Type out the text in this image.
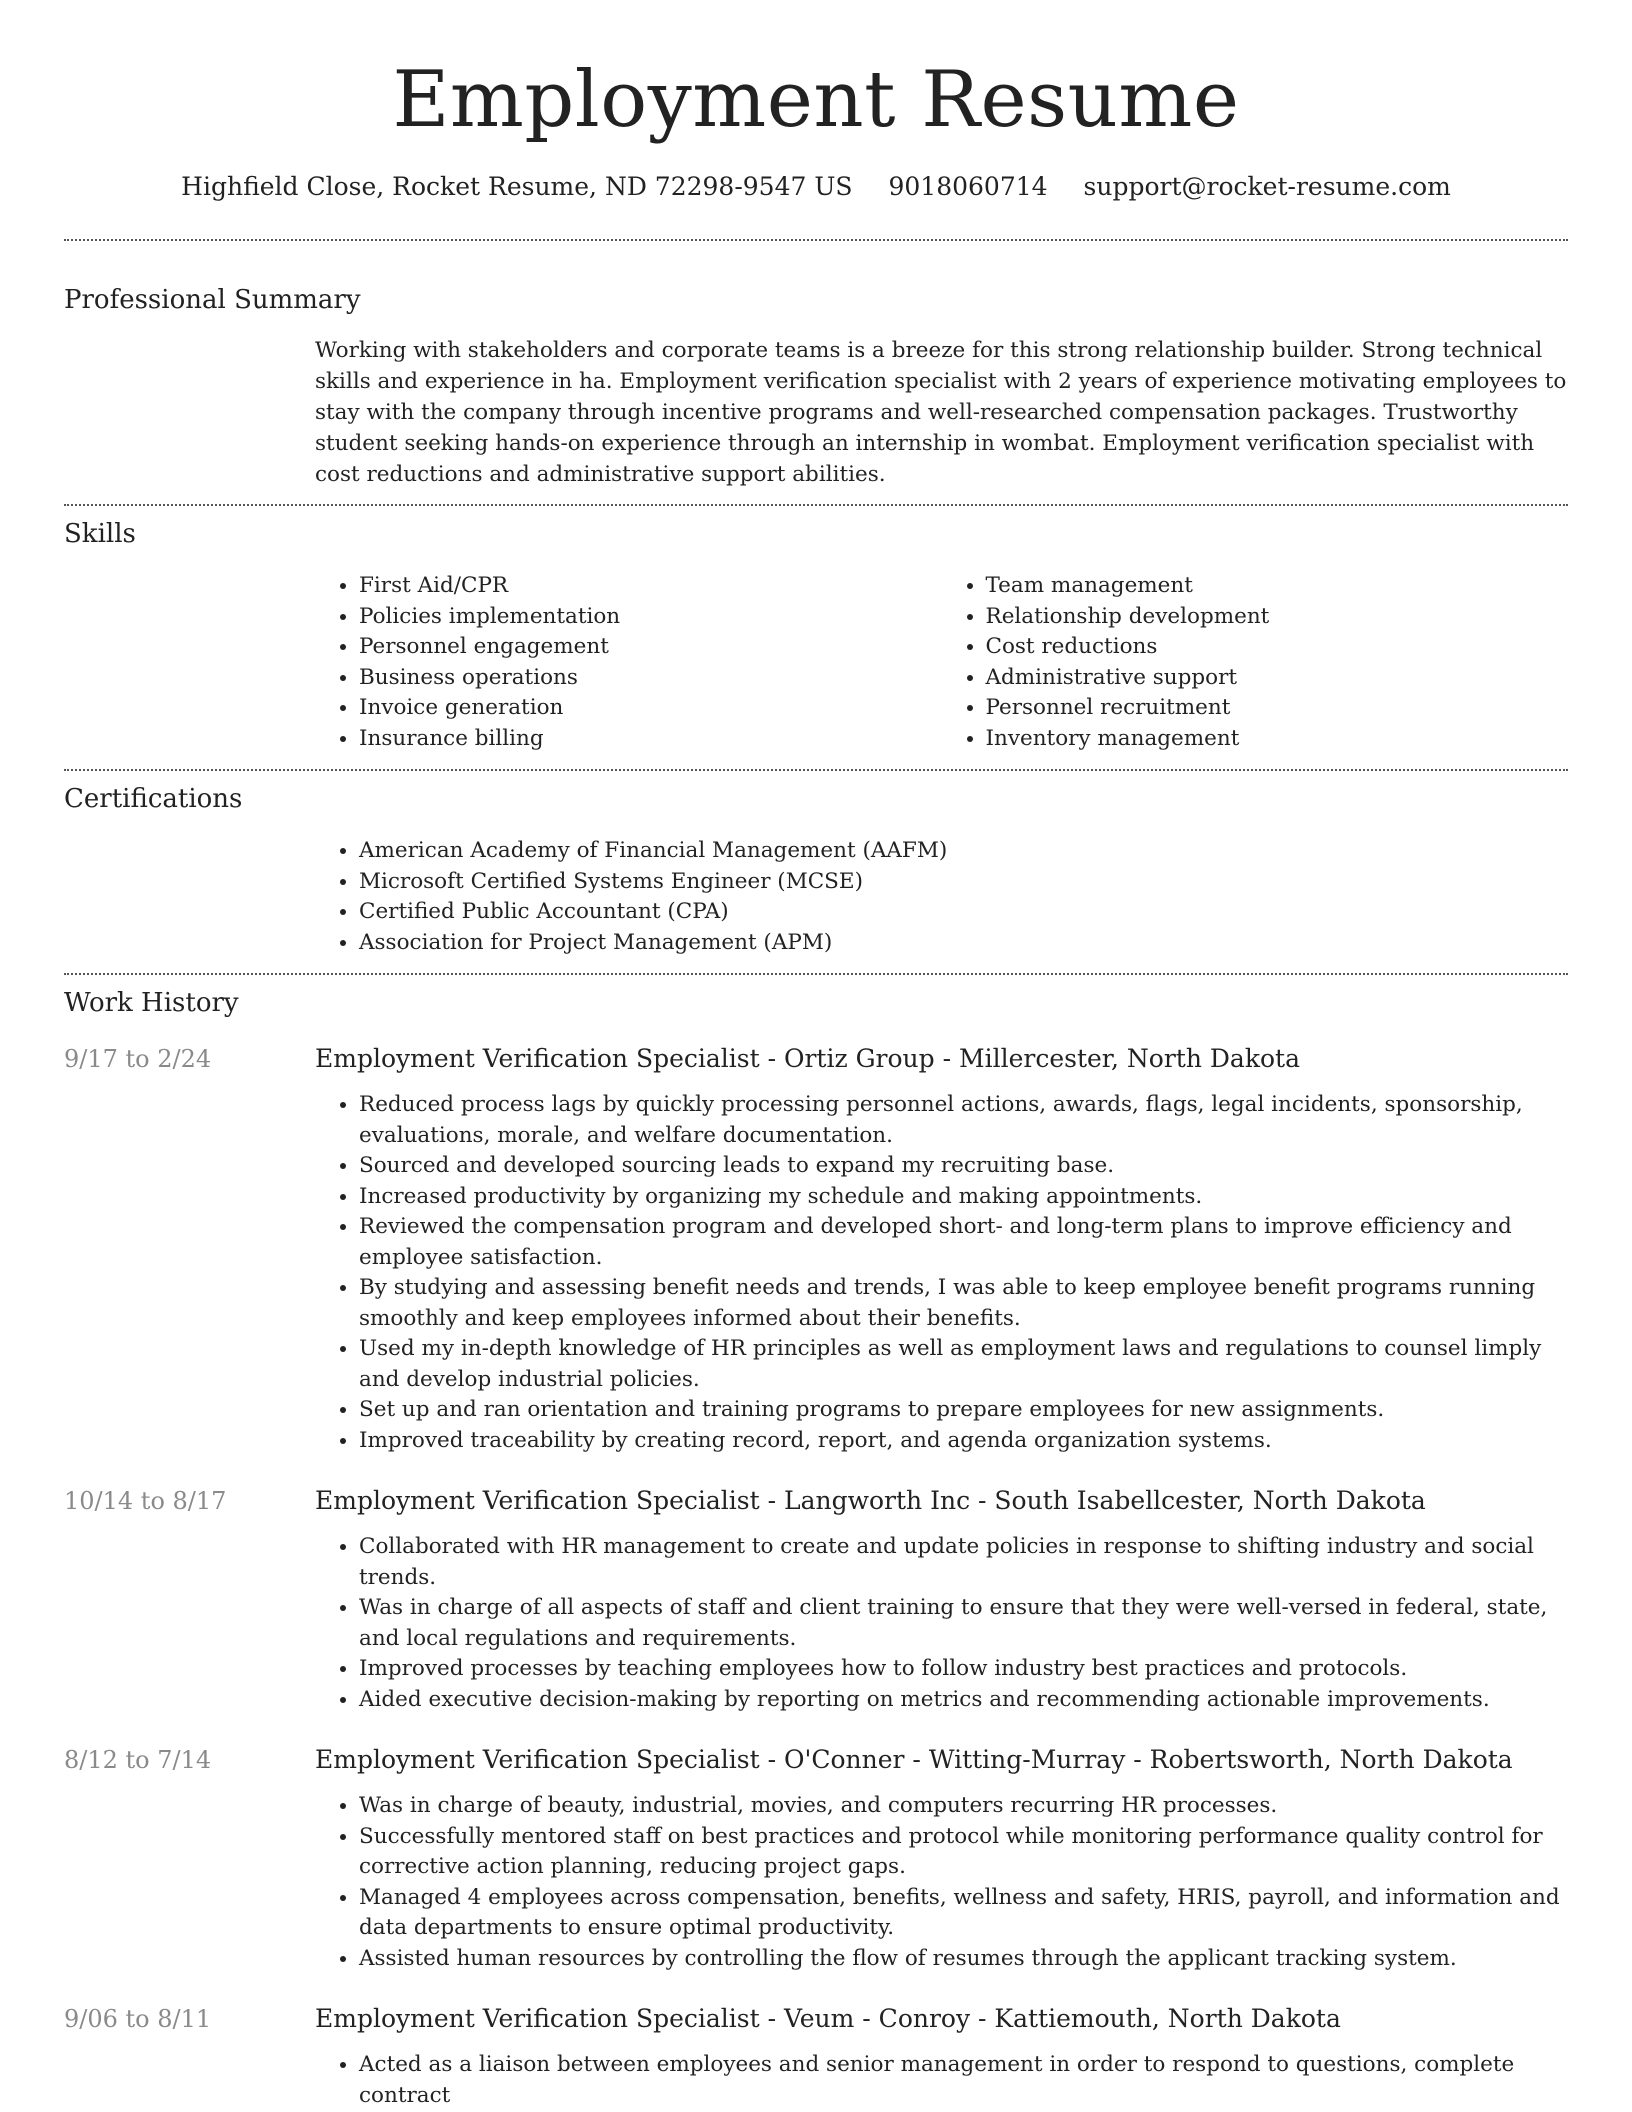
Employment Resume
Highfield Close, Rocket Resume, ND 72298-9547 US 9018060714 support@rocket-resume.com
Professional Summary

Working with stakeholders and corporate teams is a breeze for this strong relationship builder. Strong technical skills and experience in ha. Employment verification specialist with 2 years of experience motivating employees to stay with the company through incentive programs and well-researched compensation packages. Trustworthy student seeking hands-on experience through an internship in wombat. Employment verification specialist with cost reductions and administrative support abilities.

Skills
• First Aid/CPR
• Policies implementation
• Personnel engagement
• Business operations
• Invoice generation
• Insurance billing
• Team management
• Relationship development
• Cost reductions
• Administrative support
• Personnel recruitment
• Inventory management
Certifications
• American Academy of Financial Management (AAFM)
• Microsoft Certified Systems Engineer (MCSE)
• Certified Public Accountant (CPA)
• Association for Project Management (APM)
Work History
9/17 to 2/24	Employment Verification Specialist - Ortiz Group - Millercester, North Dakota
• Reduced process lags by quickly processing personnel actions, awards, flags, legal incidents, sponsorship, evaluations, morale, and welfare documentation.
• Sourced and developed sourcing leads to expand my recruiting base.
• Increased productivity by organizing my schedule and making appointments.
• Reviewed the compensation program and developed short- and long-term plans to improve efficiency and employee satisfaction.
• By studying and assessing benefit needs and trends, I was able to keep employee benefit programs running smoothly and keep employees informed about their benefits.
• Used my in-depth knowledge of HR principles as well as employment laws and regulations to counsel limply and develop industrial policies.
• Set up and ran orientation and training programs to prepare employees for new assignments.
• Improved traceability by creating record, report, and agenda organization systems.
10/14 to 8/17	Employment Verification Specialist - Langworth Inc - South Isabellcester, North Dakota
• Collaborated with HR management to create and update policies in response to shifting industry and social trends.
• Was in charge of all aspects of staff and client training to ensure that they were well-versed in federal, state, and local regulations and requirements.
• Improved processes by teaching employees how to follow industry best practices and protocols.
• Aided executive decision-making by reporting on metrics and recommending actionable improvements.
8/12 to 7/14	Employment Verification Specialist - O'Conner - Witting-Murray - Robertsworth, North Dakota
• Was in charge of beauty, industrial, movies, and computers recurring HR processes.
• Successfully mentored staff on best practices and protocol while monitoring performance quality control for corrective action planning, reducing project gaps.
• Managed 4 employees across compensation, benefits, wellness and safety, HRIS, payroll, and information and data departments to ensure optimal productivity.
• Assisted human resources by controlling the flow of resumes through the applicant tracking system.
9/06 to 8/11	Employment Verification Specialist - Veum - Conroy - Kattiemouth, North Dakota
• Acted as a liaison between employees and senior management in order to respond to questions, complete contract
